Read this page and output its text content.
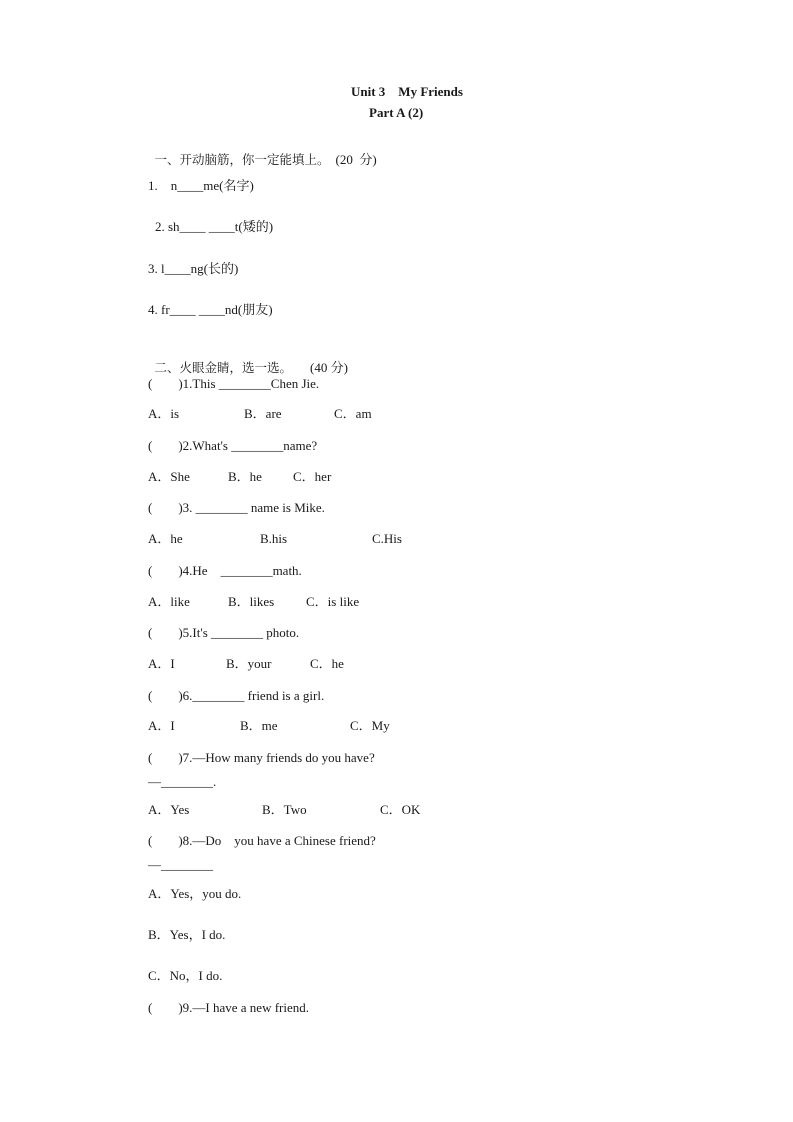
Unit 3    My Friends
Part A (2)

一、开动脑筋，你一定能填上。 (20  分)

1.    n____me(名字)
2. sh____ ____t(矮的)
3. l____ng(长的)
4. fr____ ____nd(朋友)

二、火眼金睛，选一选。 (40 分)

(        )1.This ________Chen Jie.
A．is	B．are	C．am
(        )2.What's ________name?
A．She	B．he C．her
(        )3. ________ name is Mike.
A．he	B.his	C.His
(        )4.He    ________math.
A．like	B．likes C．is like
(        )5.It's ________ photo.
A．I	B．your	C．he
(        )6.________ friend is a girl.
A．I	B．me	C．My
(        )7.—How many friends do you have?
—________.
A．Yes	B．Two	C．OK
(        )8.—Do    you have a Chinese friend?
—________
A．Yes，you do.
B．Yes，I do.
C．No，I do.
(        )9.—I have a new friend.
